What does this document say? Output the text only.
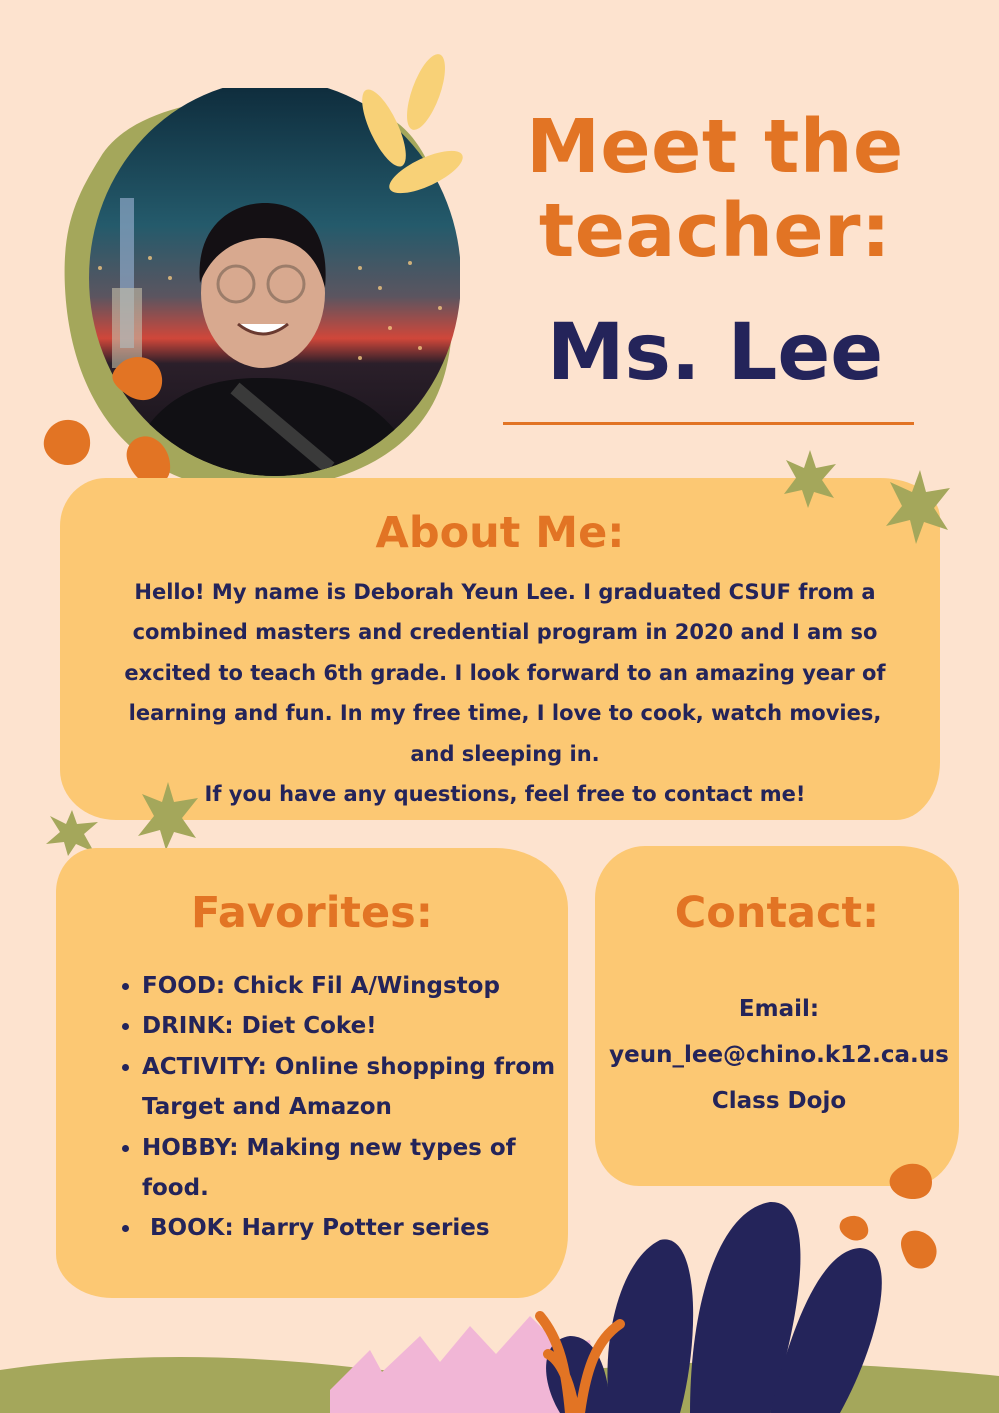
Meet the
teacher:
Ms. Lee
About Me:

Hello! My name is Deborah Yeun Lee. I graduated CSUF from a combined masters and credential program in 2020 and I am so excited to teach 6th grade. I look forward to an amazing year of learning and fun. In my free time, I love to cook, watch movies, and sleeping in.

If you have any questions, feel free to contact me!

Favorites:
• FOOD: Chick Fil A/Wingstop
• DRINK: Diet Coke!
• ACTIVITY: Online shopping from Target and Amazon
• HOBBY: Making new types of food.
•  BOOK: Harry Potter series
Contact:
Email:
yeun_lee@chino.k12.ca.us
Class Dojo
